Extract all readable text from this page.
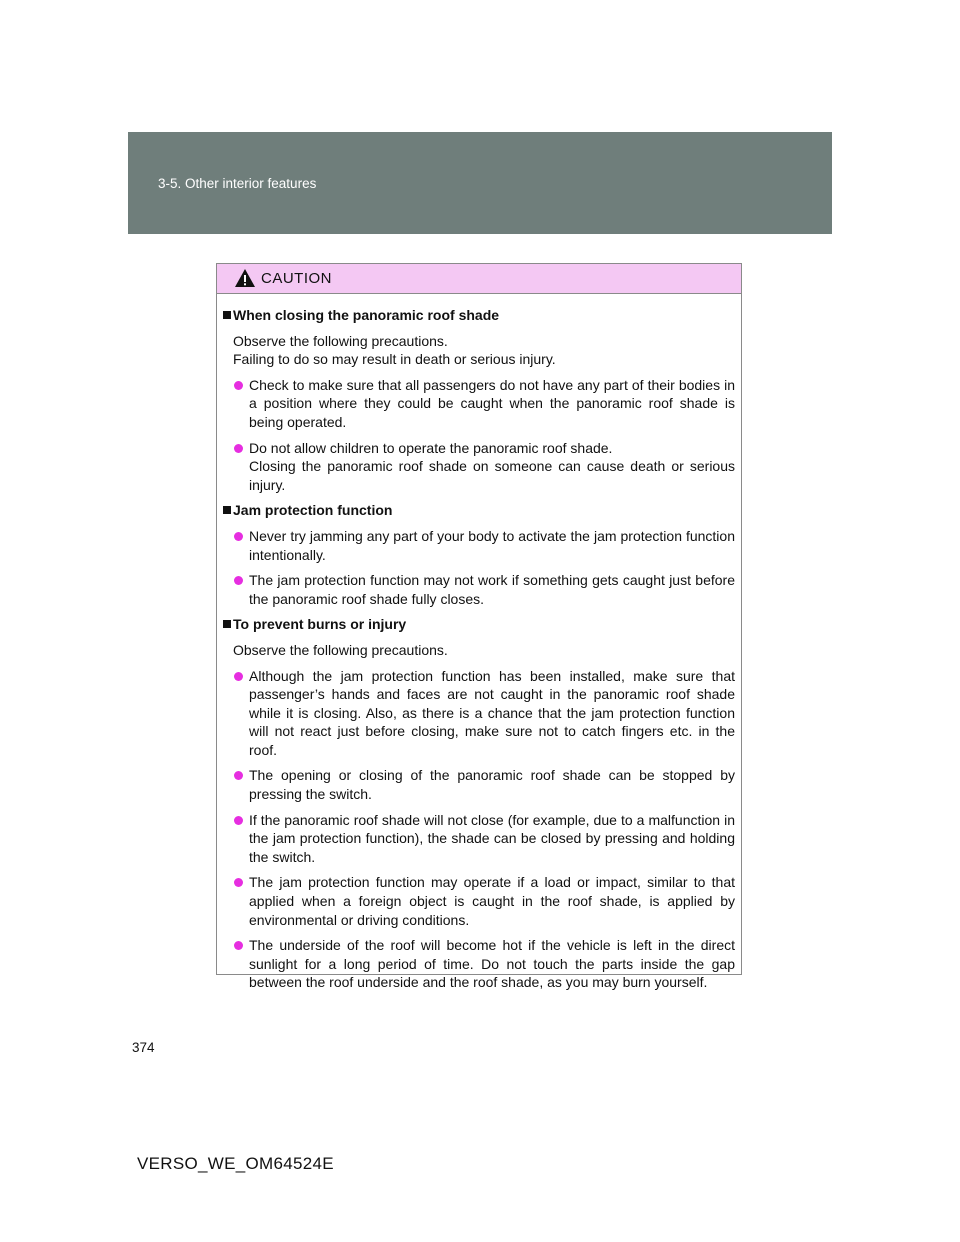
3-5. Other interior features
CAUTION
When closing the panoramic roof shade
Observe the following precautions.
Failing to do so may result in death or serious injury.
Check to make sure that all passengers do not have any part of their bodies in a position where they could be caught when the panoramic roof shade is being operated.
Do not allow children to operate the panoramic roof shade.
Closing the panoramic roof shade on someone can cause death or serious injury.
Jam protection function
Never try jamming any part of your body to activate the jam protection function intentionally.
The jam protection function may not work if something gets caught just before the panoramic roof shade fully closes.
To prevent burns or injury
Observe the following precautions.
Although the jam protection function has been installed, make sure that passenger’s hands and faces are not caught in the panoramic roof shade while it is closing. Also, as there is a chance that the jam protection function will not react just before closing, make sure not to catch fingers etc. in the roof.
The opening or closing of the panoramic roof shade can be stopped by pressing the switch.
If the panoramic roof shade will not close (for example, due to a malfunction in the jam protection function), the shade can be closed by pressing and holding the switch.
The jam protection function may operate if a load or impact, similar to that applied when a foreign object is caught in the roof shade, is applied by environmental or driving conditions.
The underside of the roof will become hot if the vehicle is left in the direct sunlight for a long period of time. Do not touch the parts inside the gap between the roof underside and the roof shade, as you may burn yourself.
374
VERSO_WE_OM64524E
